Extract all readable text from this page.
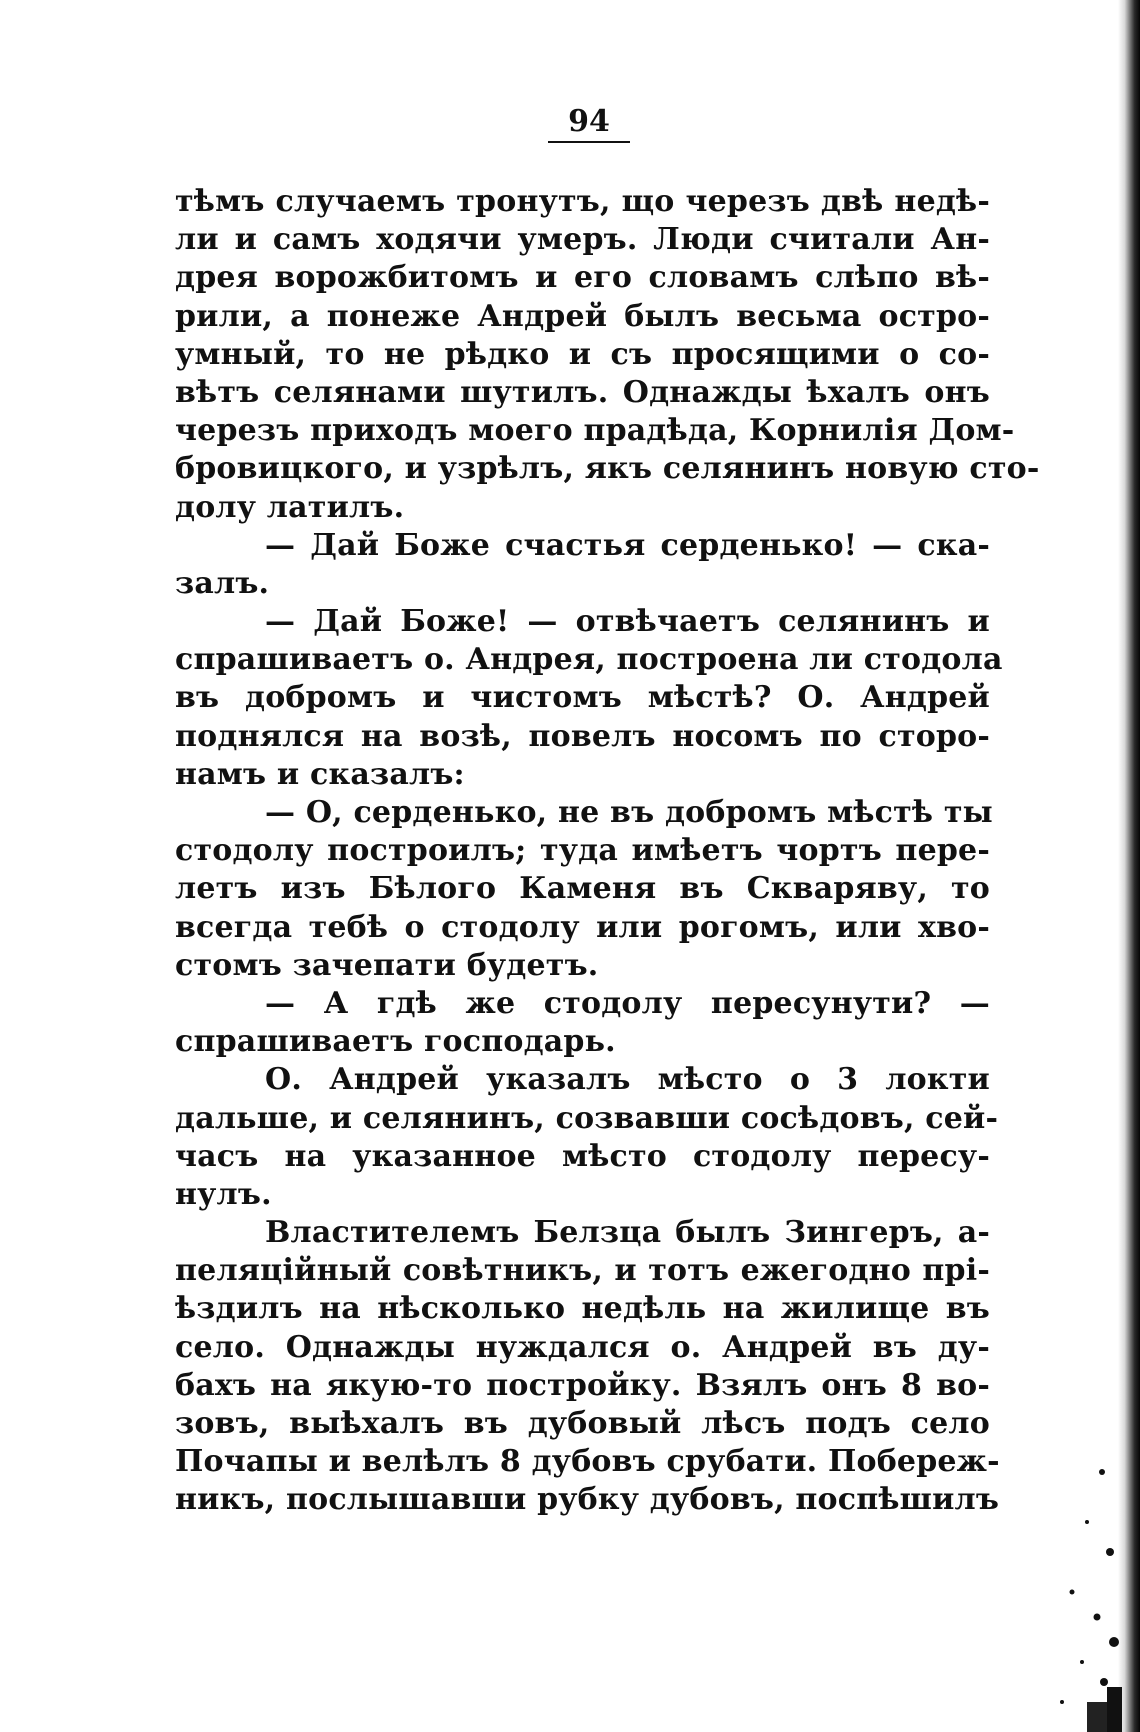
94
тѣмъ случаемъ тронутъ, що черезъ двѣ недѣ-
ли и самъ ходячи умеръ. Люди считали Ан-
дрея ворожбитомъ и его словамъ слѣпо вѣ-
рили, а понеже Андрей былъ весьма остро-
умный, то не рѣдко и съ просящими о со-
вѣтъ селянами шутилъ. Однажды ѣхалъ онъ
черезъ приходъ моего прадѣда, Корнилія Дом-
бровицкого, и узрѣлъ, якъ селянинъ новую сто-
долу латилъ.
— Дай Боже счастья серденько! — ска-
залъ.
— Дай Боже! — отвѣчаетъ селянинъ и
спрашиваетъ о. Андрея, построена ли стодола
въ добромъ и чистомъ мѣстѣ? О. Андрей
поднялся на возѣ, повелъ носомъ по сторо-
намъ и сказалъ:
— О, серденько, не въ добромъ мѣстѣ ты
стодолу построилъ; туда имѣетъ чортъ пере-
летъ изъ Бѣлого Каменя въ Скваряву, то
всегда тебѣ о стодолу или рогомъ, или хво-
стомъ зачепати будетъ.
— А гдѣ же стодолу пересунути? —
спрашиваетъ господарь.
О. Андрей указалъ мѣсто о 3 локти
дальше, и селянинъ, созвавши сосѣдовъ, сей-
часъ на указанное мѣсто стодолу пересу-
нулъ.
Властителемъ Белзца былъ Зингеръ, а-
пеляцiйный совѣтникъ, и тотъ ежегодно прi-
ѣздилъ на нѣсколько недѣль на жилище въ
село. Однажды нуждался о. Андрей въ ду-
бахъ на якую-то постройку. Взялъ онъ 8 во-
зовъ, выѣхалъ въ дубовый лѣсъ подъ село
Почапы и велѣлъ 8 дубовъ срубати. Побереж-
никъ, послышавши рубку дубовъ, поспѣшилъ
